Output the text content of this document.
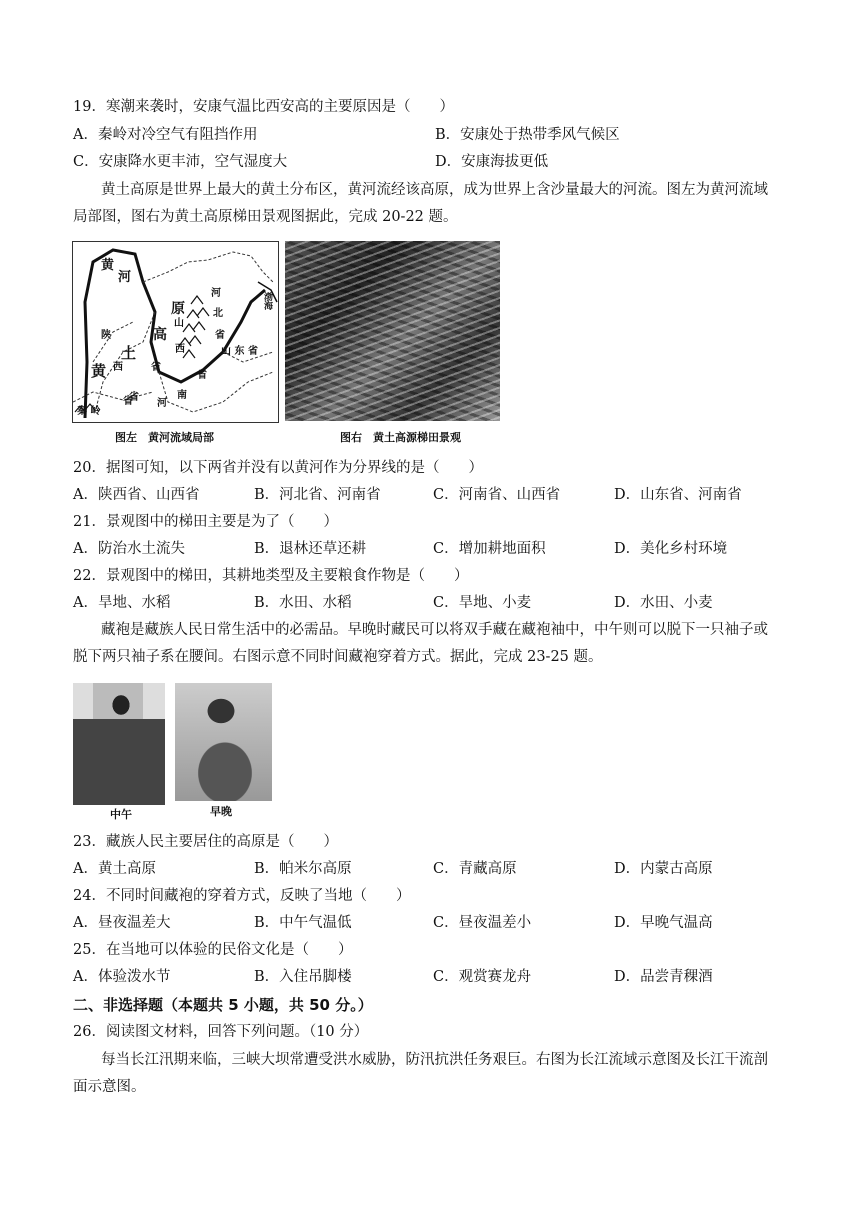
19．寒潮来袭时，安康气温比西安高的主要原因是（　　）
A．秦岭对冷空气有阻挡作用	B．安康处于热带季风气候区
C．安康降水更丰沛，空气湿度大	D．安康海拔更低
黄土高原是世界上最大的黄土分布区，黄河流经该高原，成为世界上含沙量最大的河流。图左为黄河流域
局部图，图右为黄土高原梯田景观图据此，完成 20-22 题。
黄
河
原
高
土
黄
陕
西
省
山
西
省
河
北
省
山 东 省
河
南
省
秦 岭
省
渤海
图左　黄河流域局部	图右　黄土高源梯田景观
20．据图可知，以下两省并没有以黄河作为分界线的是（　　）
A．陕西省、山西省	B．河北省、河南省	C．河南省、山西省	D．山东省、河南省
21．景观图中的梯田主要是为了（　　）
A．防治水土流失	B．退林还草还耕	C．增加耕地面积	D．美化乡村环境
22．景观图中的梯田，其耕地类型及主要粮食作物是（　　）
A．旱地、水稻	B．水田、水稻	C．旱地、小麦	D．水田、小麦
藏袍是藏族人民日常生活中的必需品。早晚时藏民可以将双手藏在藏袍袖中，中午则可以脱下一只袖子或
脱下两只袖子系在腰间。右图示意不同时间藏袍穿着方式。据此，完成 23-25 题。
中午	早晚
23．藏族人民主要居住的高原是（　　）
A．黄土高原	B．帕米尔高原	C．青藏高原	D．内蒙古高原
24．不同时间藏袍的穿着方式，反映了当地（　　）
A．昼夜温差大	B．中午气温低	C．昼夜温差小	D．早晚气温高
25．在当地可以体验的民俗文化是（　　）
A．体验泼水节	B．入住吊脚楼	C．观赏赛龙舟	D．品尝青稞酒
二、非选择题（本题共 5 小题，共 50 分。）
26．阅读图文材料，回答下列问题。（10 分）
每当长江汛期来临，三峡大坝常遭受洪水威胁，防汛抗洪任务艰巨。右图为长江流域示意图及长江干流剖
面示意图。
